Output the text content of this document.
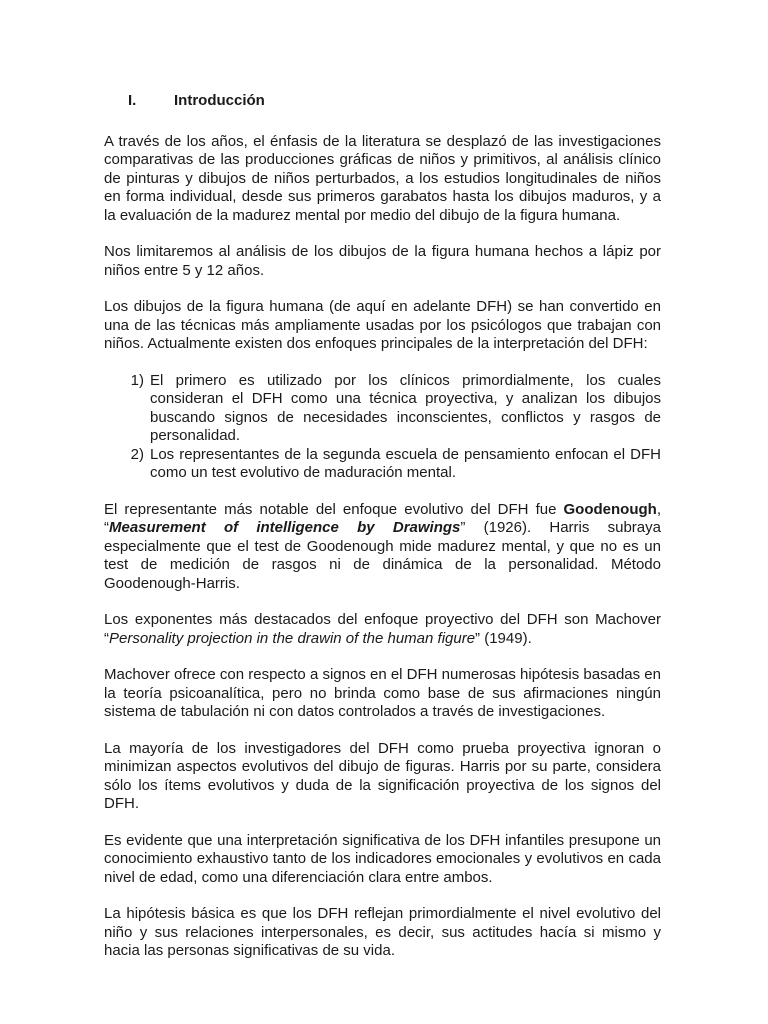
I.	Introducción

A través de los años, el énfasis de la literatura se desplazó de las investigaciones comparativas de las producciones gráficas de niños y primitivos, al análisis clínico de pinturas y dibujos de niños perturbados, a los estudios longitudinales de niños en forma individual, desde sus primeros garabatos hasta los dibujos maduros, y a la evaluación de la madurez mental por medio del dibujo de la figura humana.

Nos limitaremos al análisis de los dibujos de la figura humana hechos a lápiz por niños entre 5 y 12 años.

Los dibujos de la figura humana (de aquí en adelante DFH) se han convertido en una de las técnicas más ampliamente usadas por los psicólogos que trabajan con niños. Actualmente existen dos enfoques principales de la interpretación del DFH:

1) El primero es utilizado por los clínicos primordialmente, los cuales consideran el DFH como una técnica proyectiva, y analizan los dibujos buscando signos de necesidades inconscientes, conflictos y rasgos de personalidad.
2) Los representantes de la segunda escuela de pensamiento enfocan el DFH como un test evolutivo de maduración mental.

El representante más notable del enfoque evolutivo del DFH fue Goodenough, “Measurement of intelligence by Drawings” (1926). Harris subraya especialmente que el test de Goodenough mide madurez mental, y que no es un test de medición de rasgos ni de dinámica de la personalidad. Método Goodenough-Harris.

Los exponentes más destacados del enfoque proyectivo del DFH son Machover “Personality projection in the drawin of the human figure” (1949).

Machover ofrece con respecto a signos en el DFH numerosas hipótesis basadas en la teoría psicoanalítica, pero no brinda como base de sus afirmaciones ningún sistema de tabulación ni con datos controlados a través de investigaciones.

La mayoría de los investigadores del DFH como prueba proyectiva ignoran o minimizan aspectos evolutivos del dibujo de figuras. Harris por su parte, considera sólo los ítems evolutivos y duda de la significación proyectiva de los signos del DFH.

Es evidente que una interpretación significativa de los DFH infantiles presupone un conocimiento exhaustivo tanto de los indicadores emocionales y evolutivos en cada nivel de edad, como una diferenciación clara entre ambos.

La hipótesis básica es que los DFH reflejan primordialmente el nivel evolutivo del niño y sus relaciones interpersonales, es decir, sus actitudes hacía si mismo y hacia las personas significativas de su vida.
